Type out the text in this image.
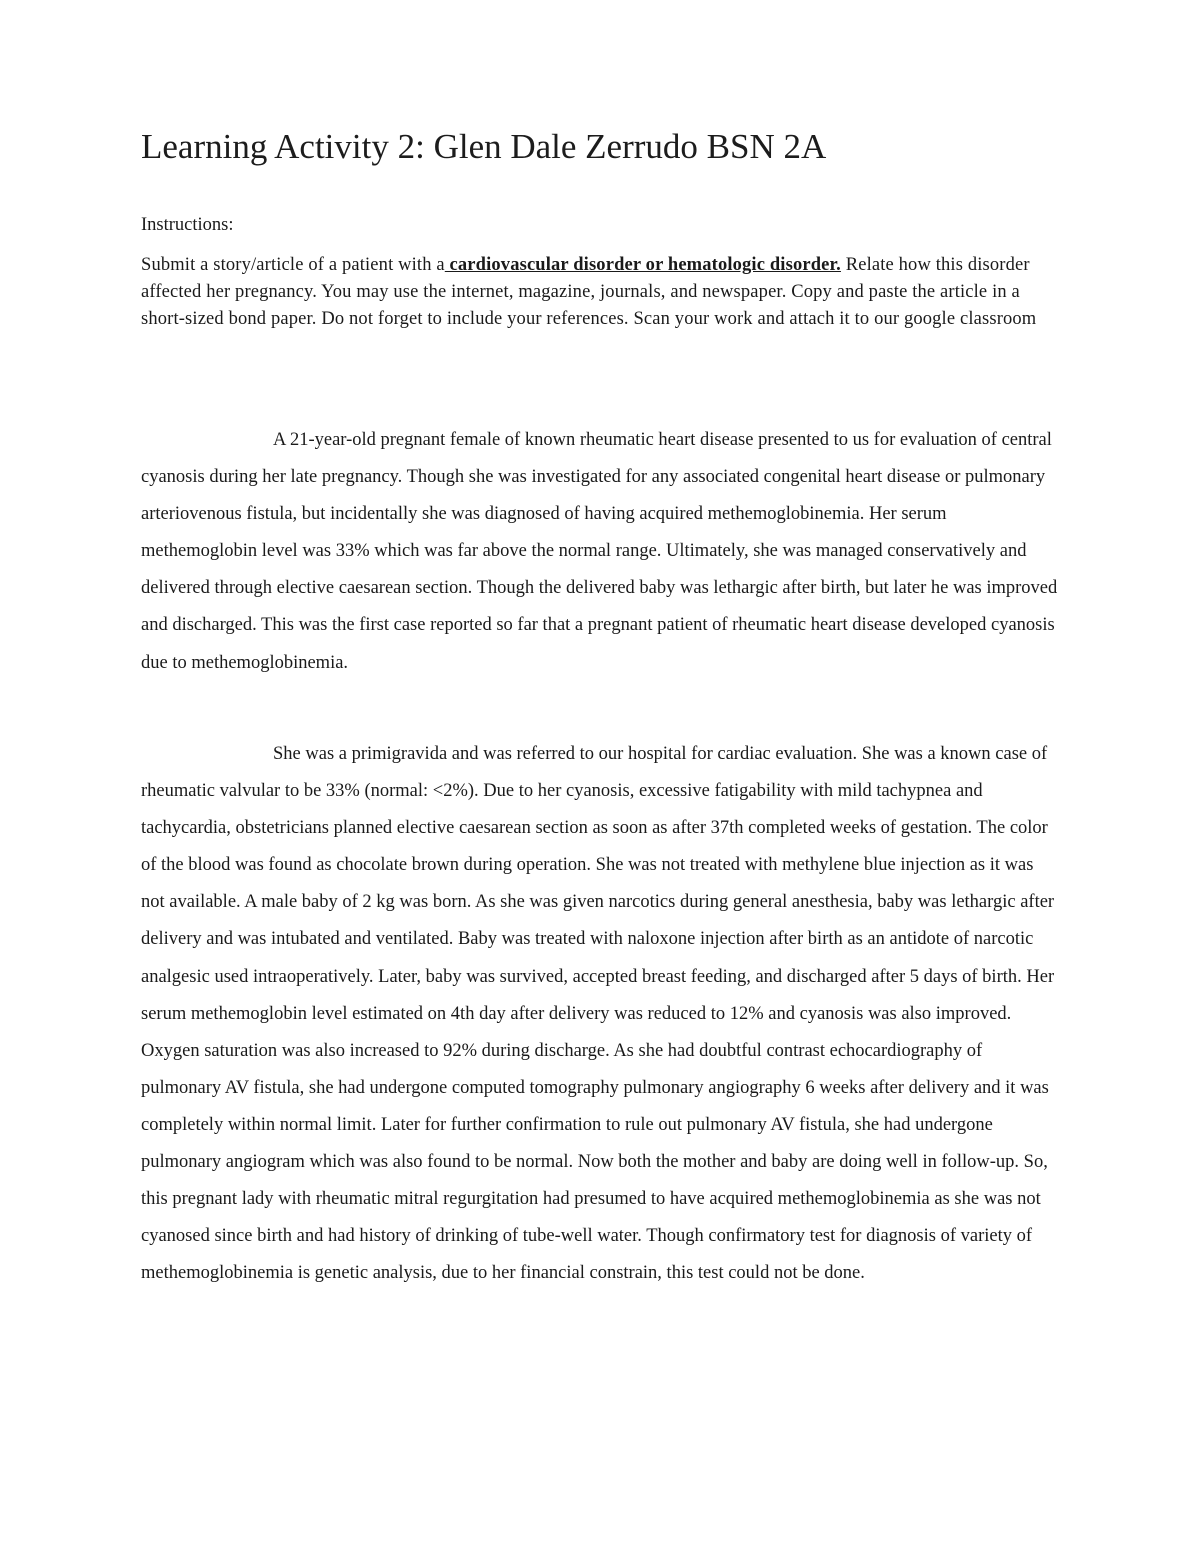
Learning Activity 2: Glen Dale Zerrudo BSN 2A

Instructions:

Submit a story/article of a patient with a cardiovascular disorder or hematologic disorder. Relate how this disorder affected her pregnancy. You may use the internet, magazine, journals, and newspaper. Copy and paste the article in a short-sized bond paper. Do not forget to include your references. Scan your work and attach it to our google classroom

A 21-year-old pregnant female of known rheumatic heart disease presented to us for evaluation of central cyanosis during her late pregnancy. Though she was investigated for any associated congenital heart disease or pulmonary arteriovenous fistula, but incidentally she was diagnosed of having acquired methemoglobinemia. Her serum methemoglobin level was 33% which was far above the normal range. Ultimately, she was managed conservatively and delivered through elective caesarean section. Though the delivered baby was lethargic after birth, but later he was improved and discharged. This was the first case reported so far that a pregnant patient of rheumatic heart disease developed cyanosis due to methemoglobinemia.

She was a primigravida and was referred to our hospital for cardiac evaluation. She was a known case of rheumatic valvular to be 33% (normal: <2%). Due to her cyanosis, excessive fatigability with mild tachypnea and tachycardia, obstetricians planned elective caesarean section as soon as after 37th completed weeks of gestation. The color of the blood was found as chocolate brown during operation. She was not treated with methylene blue injection as it was not available. A male baby of 2 kg was born. As she was given narcotics during general anesthesia, baby was lethargic after delivery and was intubated and ventilated. Baby was treated with naloxone injection after birth as an antidote of narcotic analgesic used intraoperatively. Later, baby was survived, accepted breast feeding, and discharged after 5 days of birth. Her serum methemoglobin level estimated on 4th day after delivery was reduced to 12% and cyanosis was also improved. Oxygen saturation was also increased to 92% during discharge. As she had doubtful contrast echocardiography of pulmonary AV fistula, she had undergone computed tomography pulmonary angiography 6 weeks after delivery and it was completely within normal limit. Later for further confirmation to rule out pulmonary AV fistula, she had undergone pulmonary angiogram which was also found to be normal. Now both the mother and baby are doing well in follow-up. So, this pregnant lady with rheumatic mitral regurgitation had presumed to have acquired methemoglobinemia as she was not cyanosed since birth and had history of drinking of tube-well water. Though confirmatory test for diagnosis of variety of methemoglobinemia is genetic analysis, due to her financial constrain, this test could not be done.
